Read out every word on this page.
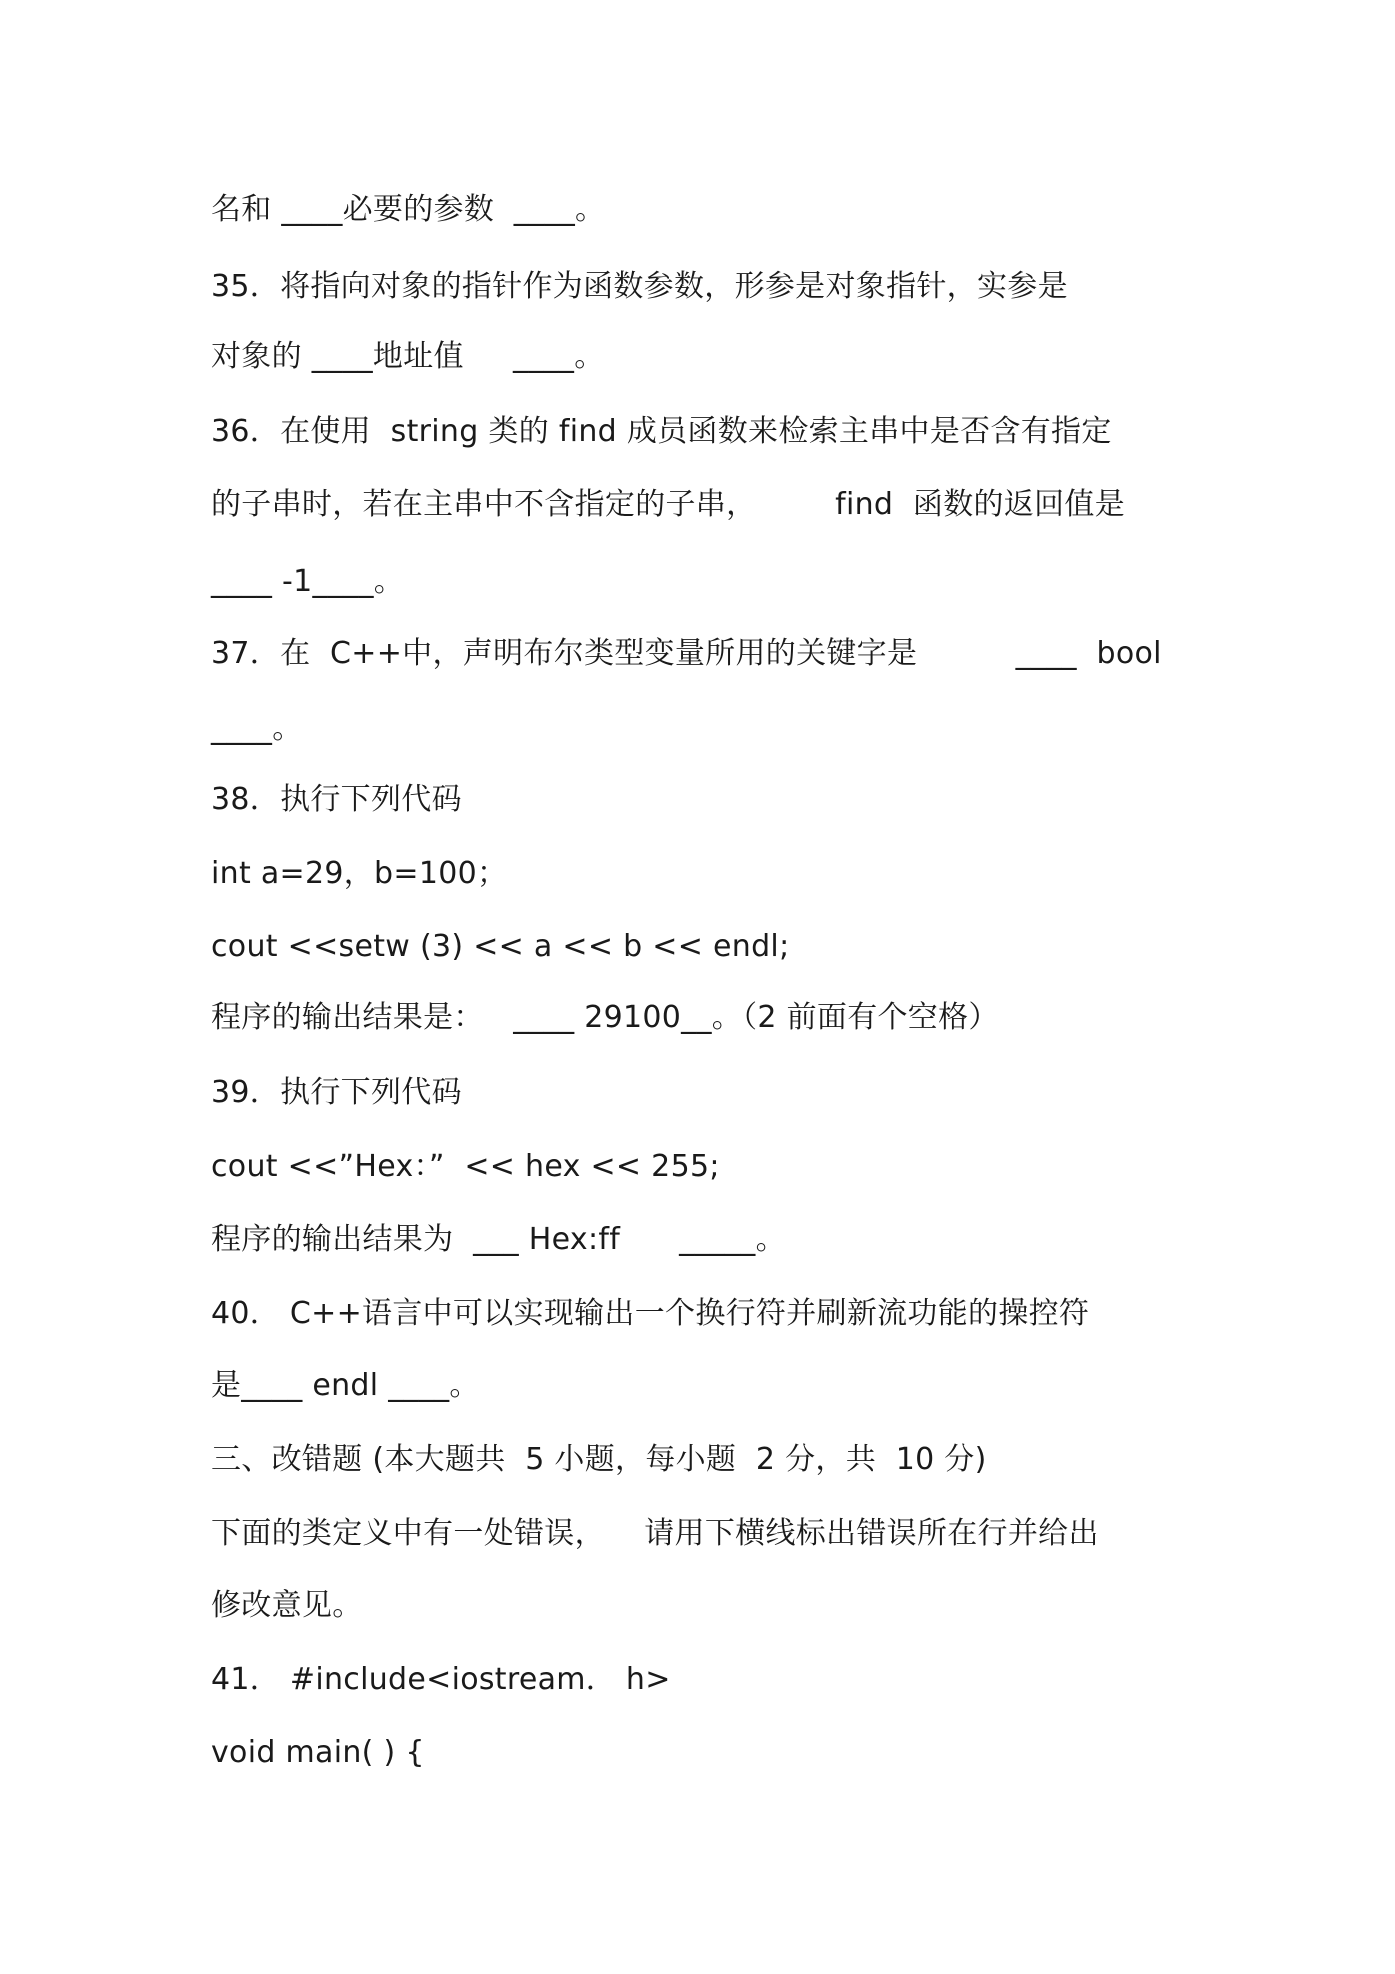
名和 ____必要的参数  ____。
35．将指向对象的指针作为函数参数，形参是对象指针，实参是
对象的 ____地址值     ____。
36．在使用  string 类的 find 成员函数来检索主串中是否含有指定
的子串时，若在主串中不含指定的子串，        find  函数的返回值是
____ -1____。
37．在  C++中，声明布尔类型变量所用的关键字是          ____  bool
____。
38．执行下列代码
int a=29，b=100；
cout <<setw (3) << a << b << endl;
程序的输出结果是：   ____ 29100__。（2 前面有个空格）
39．执行下列代码
cout <<”Hex：”  << hex << 255;
程序的输出结果为  ___ Hex:ff      _____。
40． C++语言中可以实现输出一个换行符并刷新流功能的操控符
是____ endl ____。
三、改错题 (本大题共  5 小题，每小题  2 分，共  10 分)
下面的类定义中有一处错误，    请用下横线标出错误所在行并给出
修改意见。
41． #include<iostream． h>
void main( ) {
